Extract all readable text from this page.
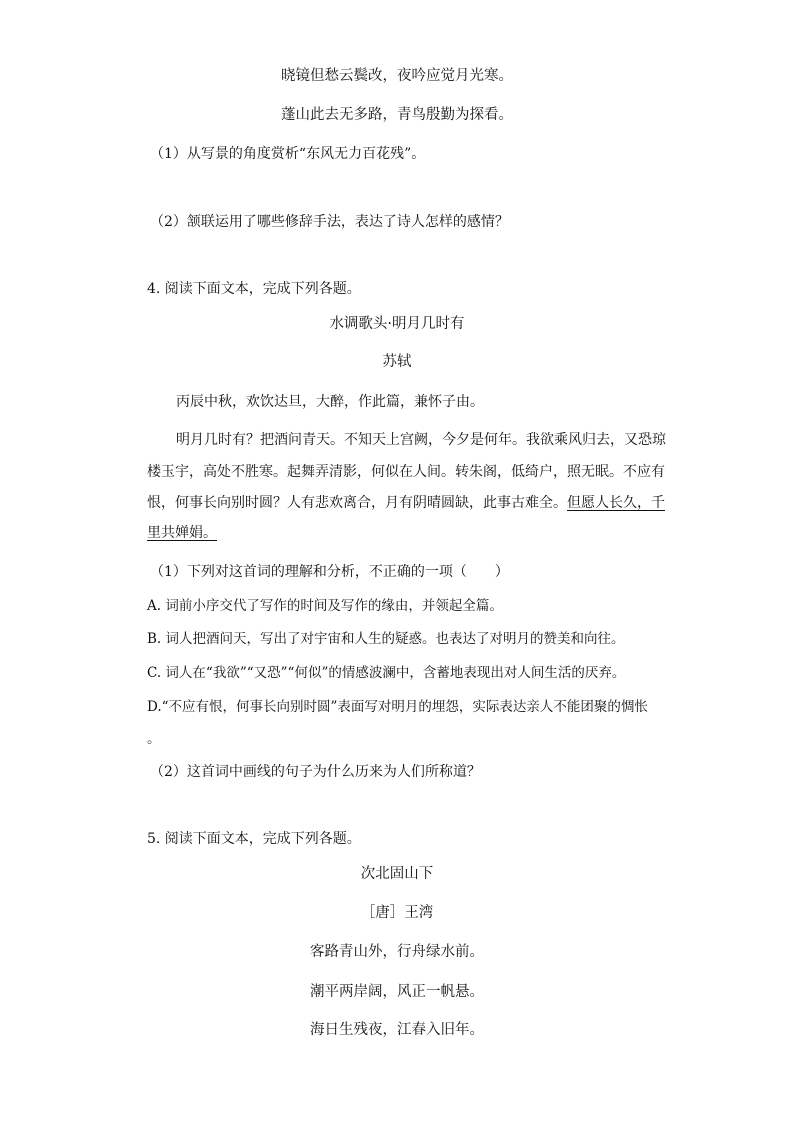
晓镜但愁云鬓改，夜吟应觉月光寒。
蓬山此去无多路，青鸟殷勤为探看。
（1）从写景的角度赏析“东风无力百花残”。
（2）颔联运用了哪些修辞手法，表达了诗人怎样的感情？
4. 阅读下面文本，完成下列各题。
水调歌头·明月几时有
苏轼
丙辰中秋，欢饮达旦，大醉，作此篇，兼怀子由。
明月几时有？把酒问青天。不知天上宫阙，今夕是何年。我欲乘风归去，又恐琼
楼玉宇，高处不胜寒。起舞弄清影，何似在人间。转朱阁，低绮户，照无眠。不应有
恨，何事长向别时圆？人有悲欢离合，月有阴晴圆缺，此事古难全。但愿人长久，千
里共婵娟。
（1）下列对这首词的理解和分析，不正确的一项（　　）
A. 词前小序交代了写作的时间及写作的缘由，并领起全篇。
B. 词人把酒问天，写出了对宇宙和人生的疑惑。也表达了对明月的赞美和向往。
C. 词人在“我欲”“又恐”“何似”的情感波澜中，含蓄地表现出对人间生活的厌弃。
D.“不应有恨，何事长向别时圆”表面写对明月的埋怨，实际表达亲人不能团聚的惆怅
。
（2）这首词中画线的句子为什么历来为人们所称道？
5. 阅读下面文本，完成下列各题。
次北固山下
［唐］王湾
客路青山外，行舟绿水前。
潮平两岸阔，风正一帆悬。
海日生残夜，江春入旧年。
